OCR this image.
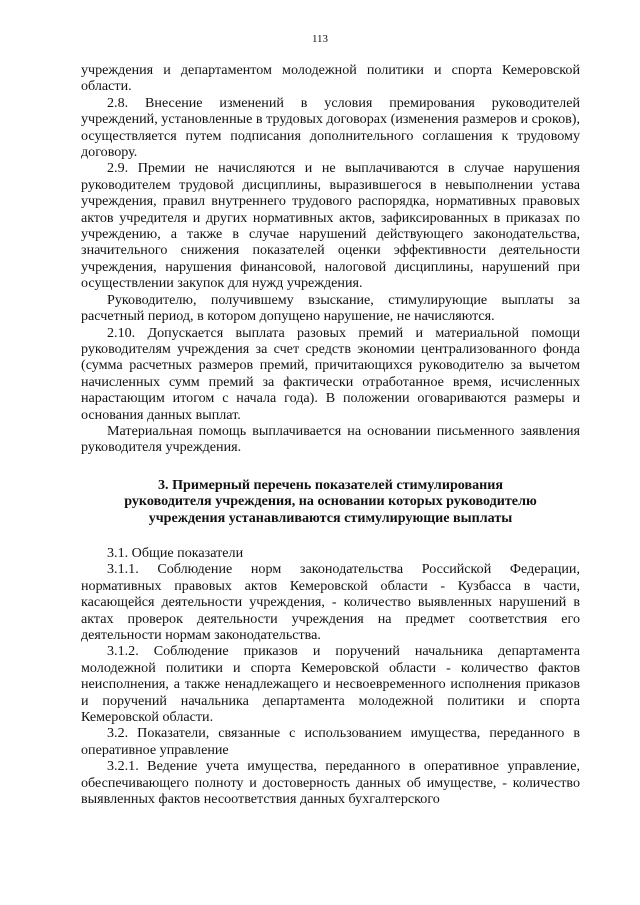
113

учреждения и департаментом молодежной политики и спорта Кемеровской области.

2.8. Внесение изменений в условия премирования руководителей учреждений, установленные в трудовых договорах (изменения размеров и сроков), осуществляется путем подписания дополнительного соглашения к трудовому договору.

2.9. Премии не начисляются и не выплачиваются в случае нарушения руководителем трудовой дисциплины, выразившегося в невыполнении устава учреждения, правил внутреннего трудового распорядка, нормативных правовых актов учредителя и других нормативных актов, зафиксированных в приказах по учреждению, а также в случае нарушений действующего законодательства, значительного снижения показателей оценки эффективности деятельности учреждения, нарушения финансовой, налоговой дисциплины, нарушений при осуществлении закупок для нужд учреждения.

Руководителю, получившему взыскание, стимулирующие выплаты за расчетный период, в котором допущено нарушение, не начисляются.

2.10. Допускается выплата разовых премий и материальной помощи руководителям учреждения за счет средств экономии централизованного фонда (сумма расчетных размеров премий, причитающихся руководителю за вычетом начисленных сумм премий за фактически отработанное время, исчисленных нарастающим итогом с начала года). В положении оговариваются размеры и основания данных выплат.

Материальная помощь выплачивается на основании письменного заявления руководителя учреждения.

3. Примерный перечень показателей стимулирования
руководителя учреждения, на основании которых руководителю
учреждения устанавливаются стимулирующие выплаты

3.1. Общие показатели

3.1.1. Соблюдение норм законодательства Российской Федерации, нормативных правовых актов Кемеровской области - Кузбасса в части, касающейся деятельности учреждения, - количество выявленных нарушений в актах проверок деятельности учреждения на предмет соответствия его деятельности нормам законодательства.

3.1.2. Соблюдение приказов и поручений начальника департамента молодежной политики и спорта Кемеровской области - количество фактов неисполнения, а также ненадлежащего и несвоевременного исполнения приказов и поручений начальника департамента молодежной политики и спорта Кемеровской области.

3.2. Показатели, связанные с использованием имущества, переданного в оперативное управление

3.2.1. Ведение учета имущества, переданного в оперативное управление, обеспечивающего полноту и достоверность данных об имуществе, - количество выявленных фактов несоответствия данных бухгалтерского
